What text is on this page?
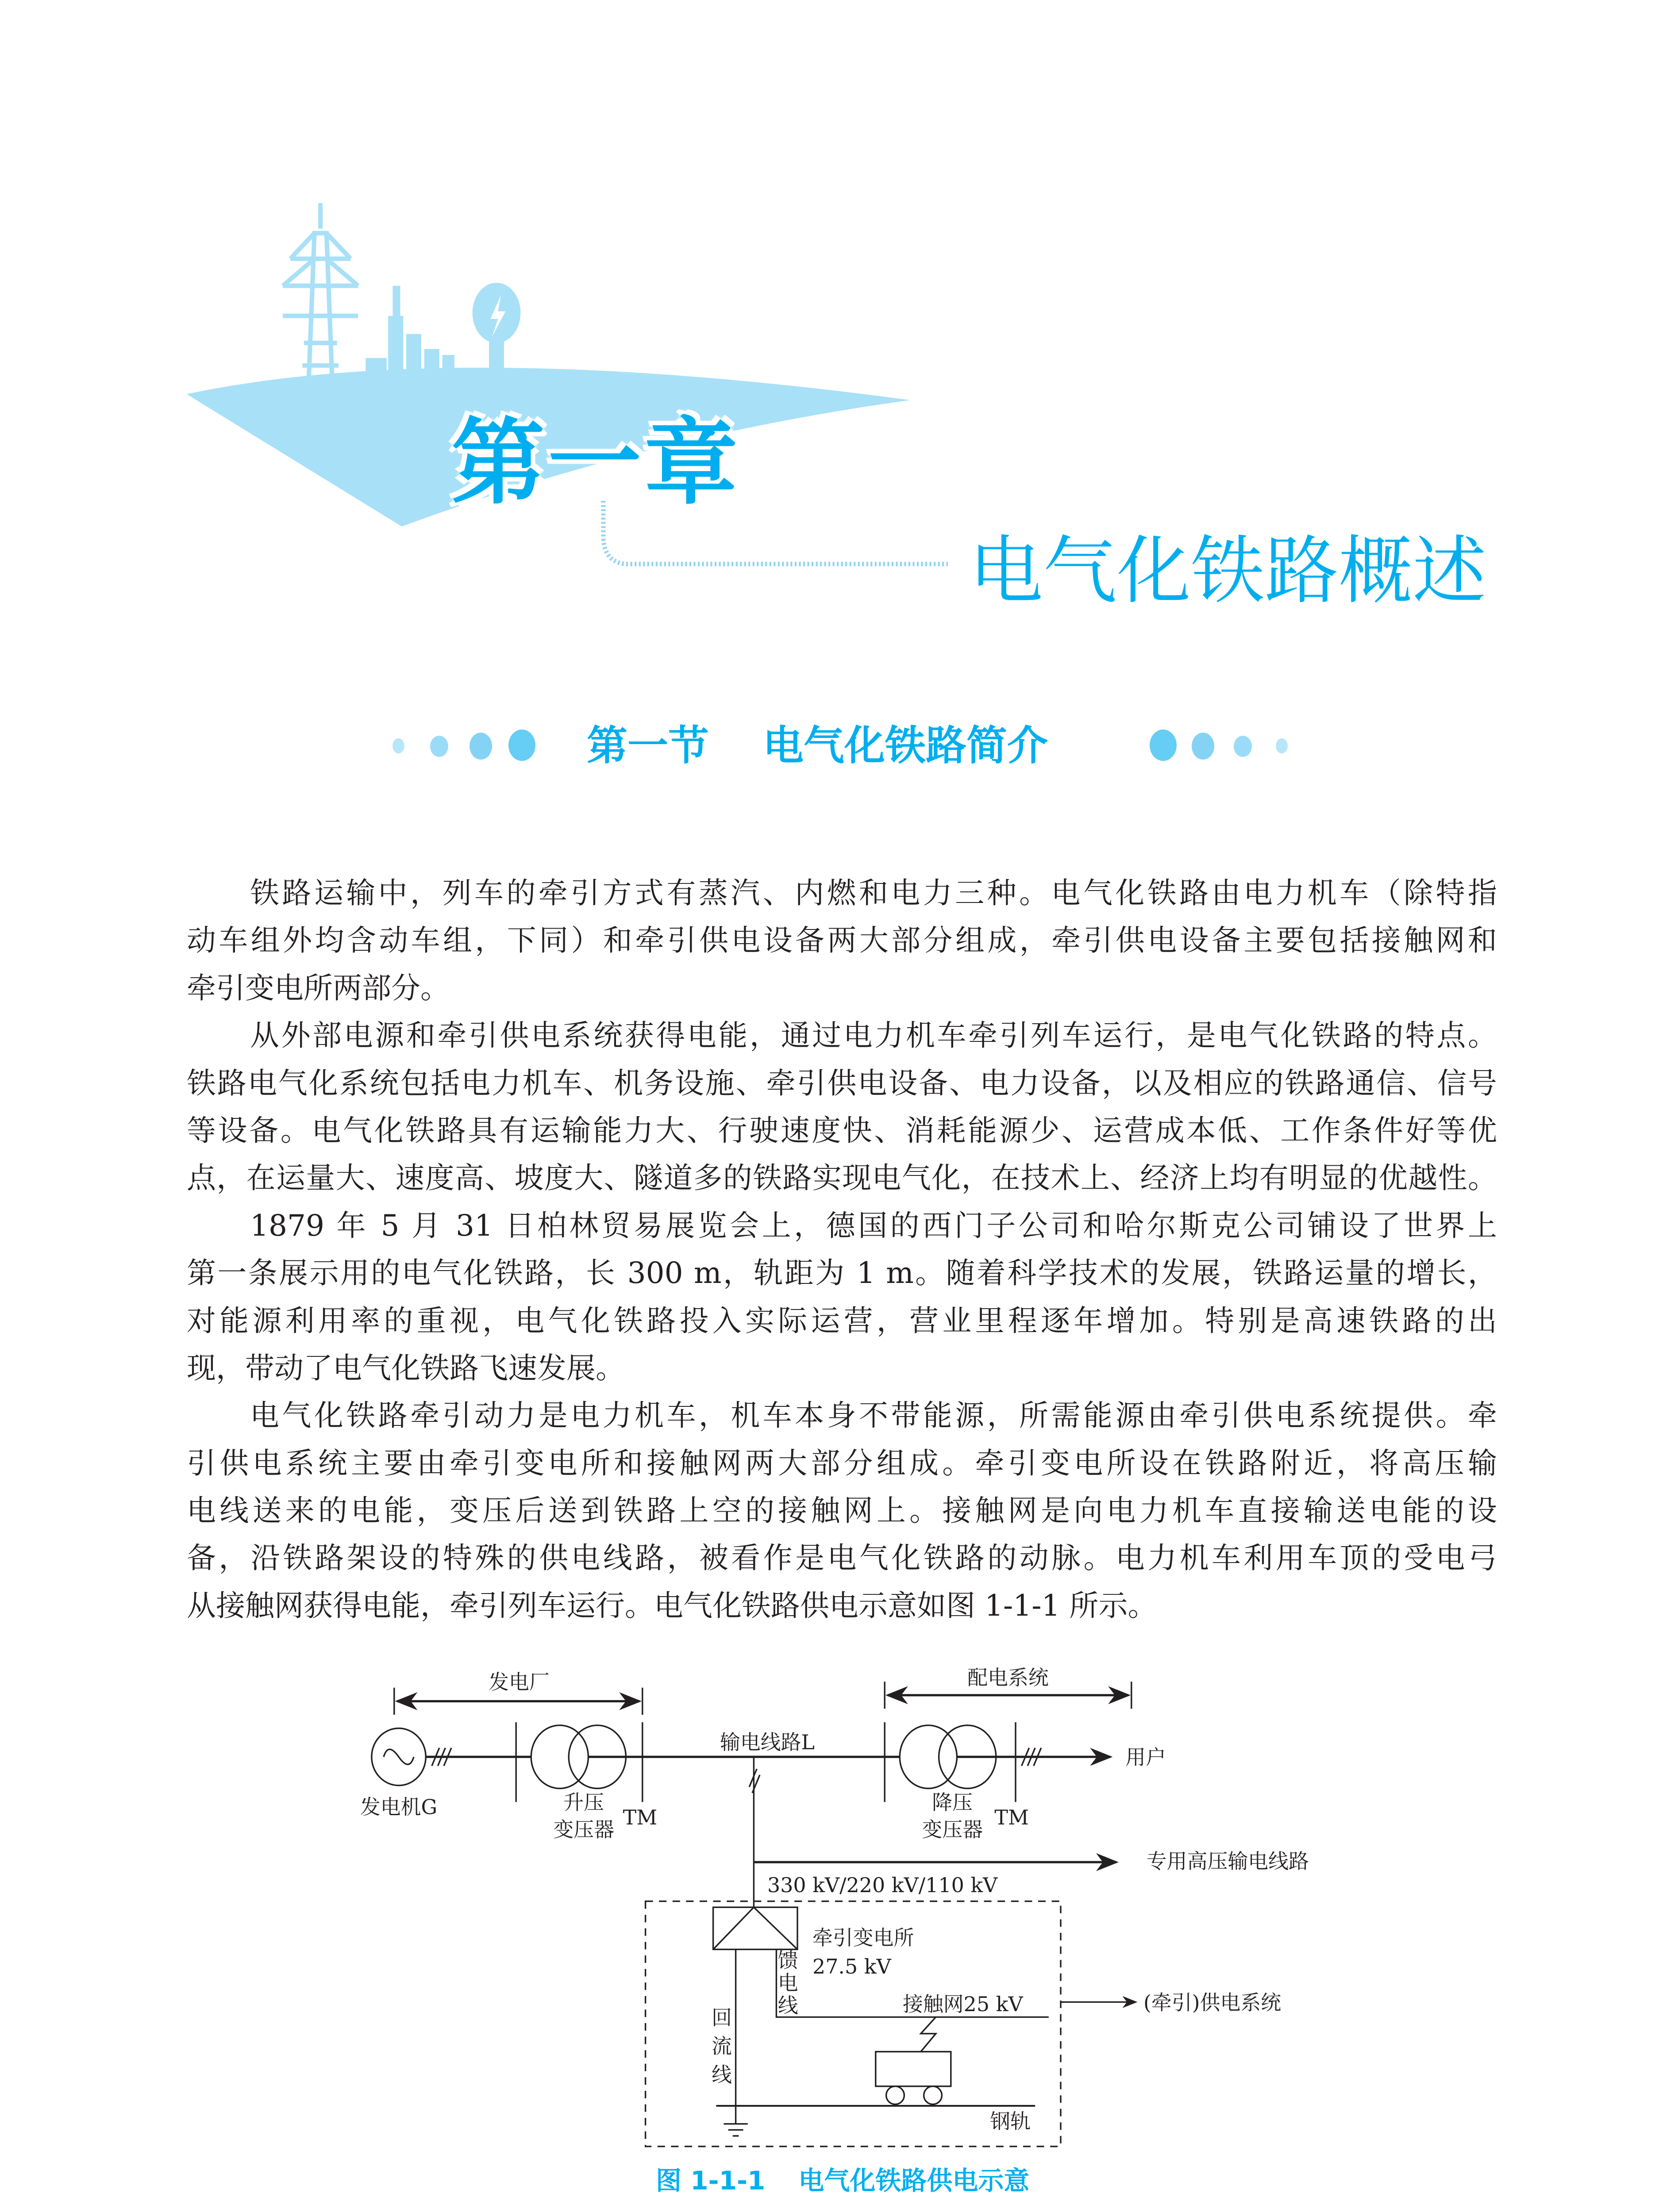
第一章
电气化铁路概述
第一节 电气化铁路简介
铁路运输中，列车的牵引方式有蒸汽、内燃和电力三种。电气化铁路由电力机车（除特指
动车组外均含动车组，下同）和牵引供电设备两大部分组成，牵引供电设备主要包括接触网和
牵引变电所两部分。
从外部电源和牵引供电系统获得电能，通过电力机车牵引列车运行，是电气化铁路的特点。
铁路电气化系统包括电力机车、机务设施、牵引供电设备、电力设备，以及相应的铁路通信、信号
等设备。电气化铁路具有运输能力大、行驶速度快、消耗能源少、运营成本低、工作条件好等优
点，在运量大、速度高、坡度大、隧道多的铁路实现电气化，在技术上、经济上均有明显的优越性。
1879 年 5 月 31 日柏林贸易展览会上，德国的西门子公司和哈尔斯克公司铺设了世界上
第一条展示用的电气化铁路，长 300 m，轨距为 1 m。随着科学技术的发展，铁路运量的增长，
对能源利用率的重视，电气化铁路投入实际运营，营业里程逐年增加。特别是高速铁路的出
现，带动了电气化铁路飞速发展。
电气化铁路牵引动力是电力机车，机车本身不带能源，所需能源由牵引供电系统提供。牵
引供电系统主要由牵引变电所和接触网两大部分组成。牵引变电所设在铁路附近，将高压输
电线送来的电能，变压后送到铁路上空的接触网上。接触网是向电力机车直接输送电能的设
备，沿铁路架设的特殊的供电线路，被看作是电气化铁路的动脉。电力机车利用车顶的受电弓
从接触网获得电能，牵引列车运行。电气化铁路供电示意如图 1-1-1 所示。
发电厂	配电系统
发电机G	升压
变压器
TM
输电线路L
降压
变压器
TM
用户
专用高压输电线路
330 kV/220 kV/110 kV
牵引变电所
27.5 kV
馈
电
线	接触网25 kV	(牵引)供电系统
回
流
线
钢轨
图 1-1-1 电气化铁路供电示意
